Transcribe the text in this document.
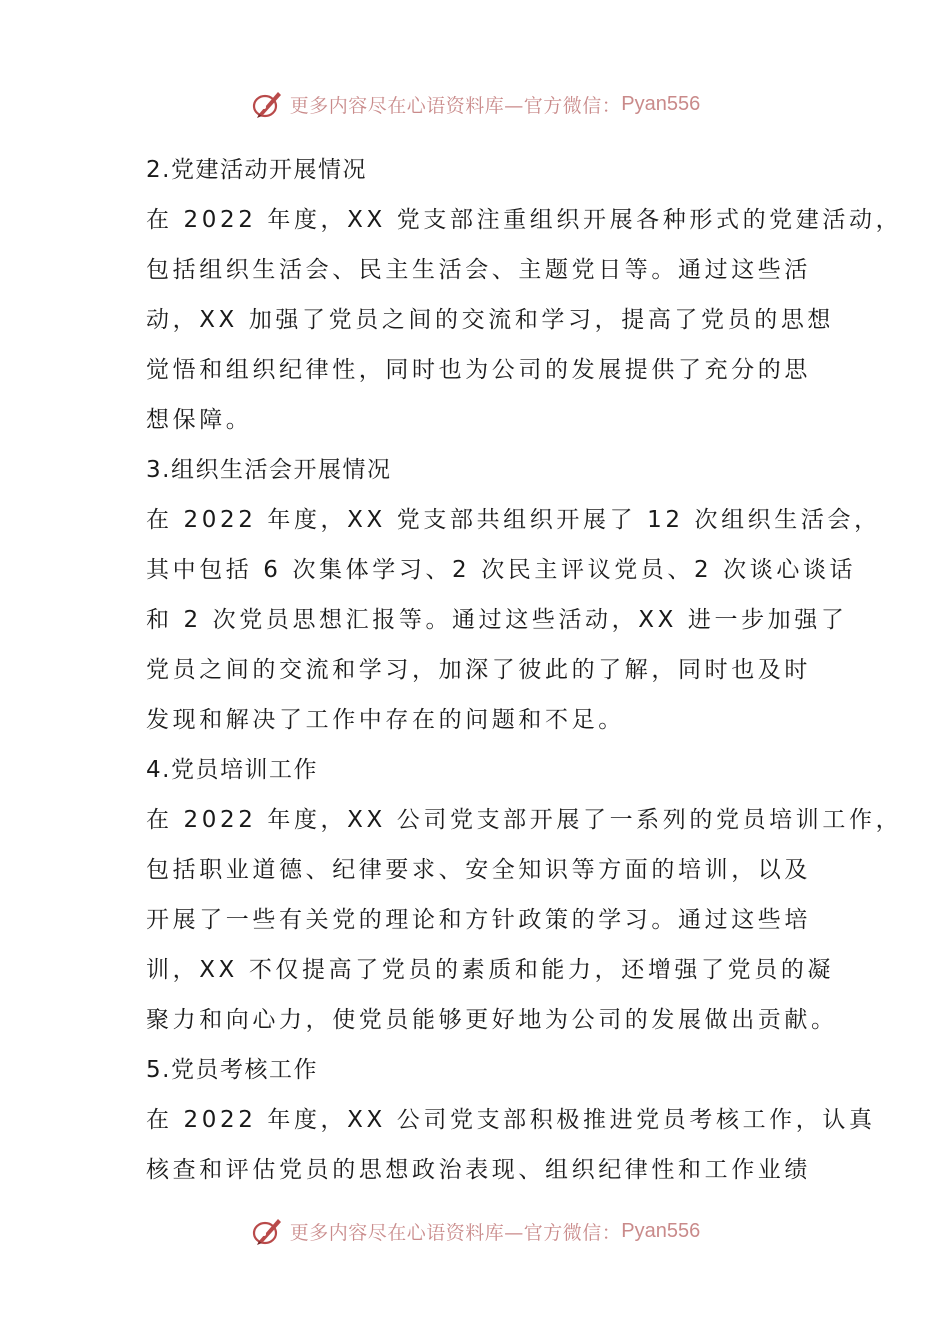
更多内容尽在心语资料库—官方微信： Pyan556
2.党建活动开展情况
在 2022 年度，XX 党支部注重组织开展各种形式的党建活动，
包括组织生活会、民主生活会、主题党日等。通过这些活
动，XX 加强了党员之间的交流和学习，提高了党员的思想
觉悟和组织纪律性，同时也为公司的发展提供了充分的思
想保障。
3.组织生活会开展情况
在 2022 年度，XX 党支部共组织开展了 12 次组织生活会，
其中包括 6 次集体学习、2 次民主评议党员、2 次谈心谈话
和 2 次党员思想汇报等。通过这些活动，XX 进一步加强了
党员之间的交流和学习，加深了彼此的了解，同时也及时
发现和解决了工作中存在的问题和不足。
4.党员培训工作
在 2022 年度，XX 公司党支部开展了一系列的党员培训工作，
包括职业道德、纪律要求、安全知识等方面的培训，以及
开展了一些有关党的理论和方针政策的学习。通过这些培
训，XX 不仅提高了党员的素质和能力，还增强了党员的凝
聚力和向心力，使党员能够更好地为公司的发展做出贡献。
5.党员考核工作
在 2022 年度，XX 公司党支部积极推进党员考核工作，认真
核查和评估党员的思想政治表现、组织纪律性和工作业绩
更多内容尽在心语资料库—官方微信： Pyan556
